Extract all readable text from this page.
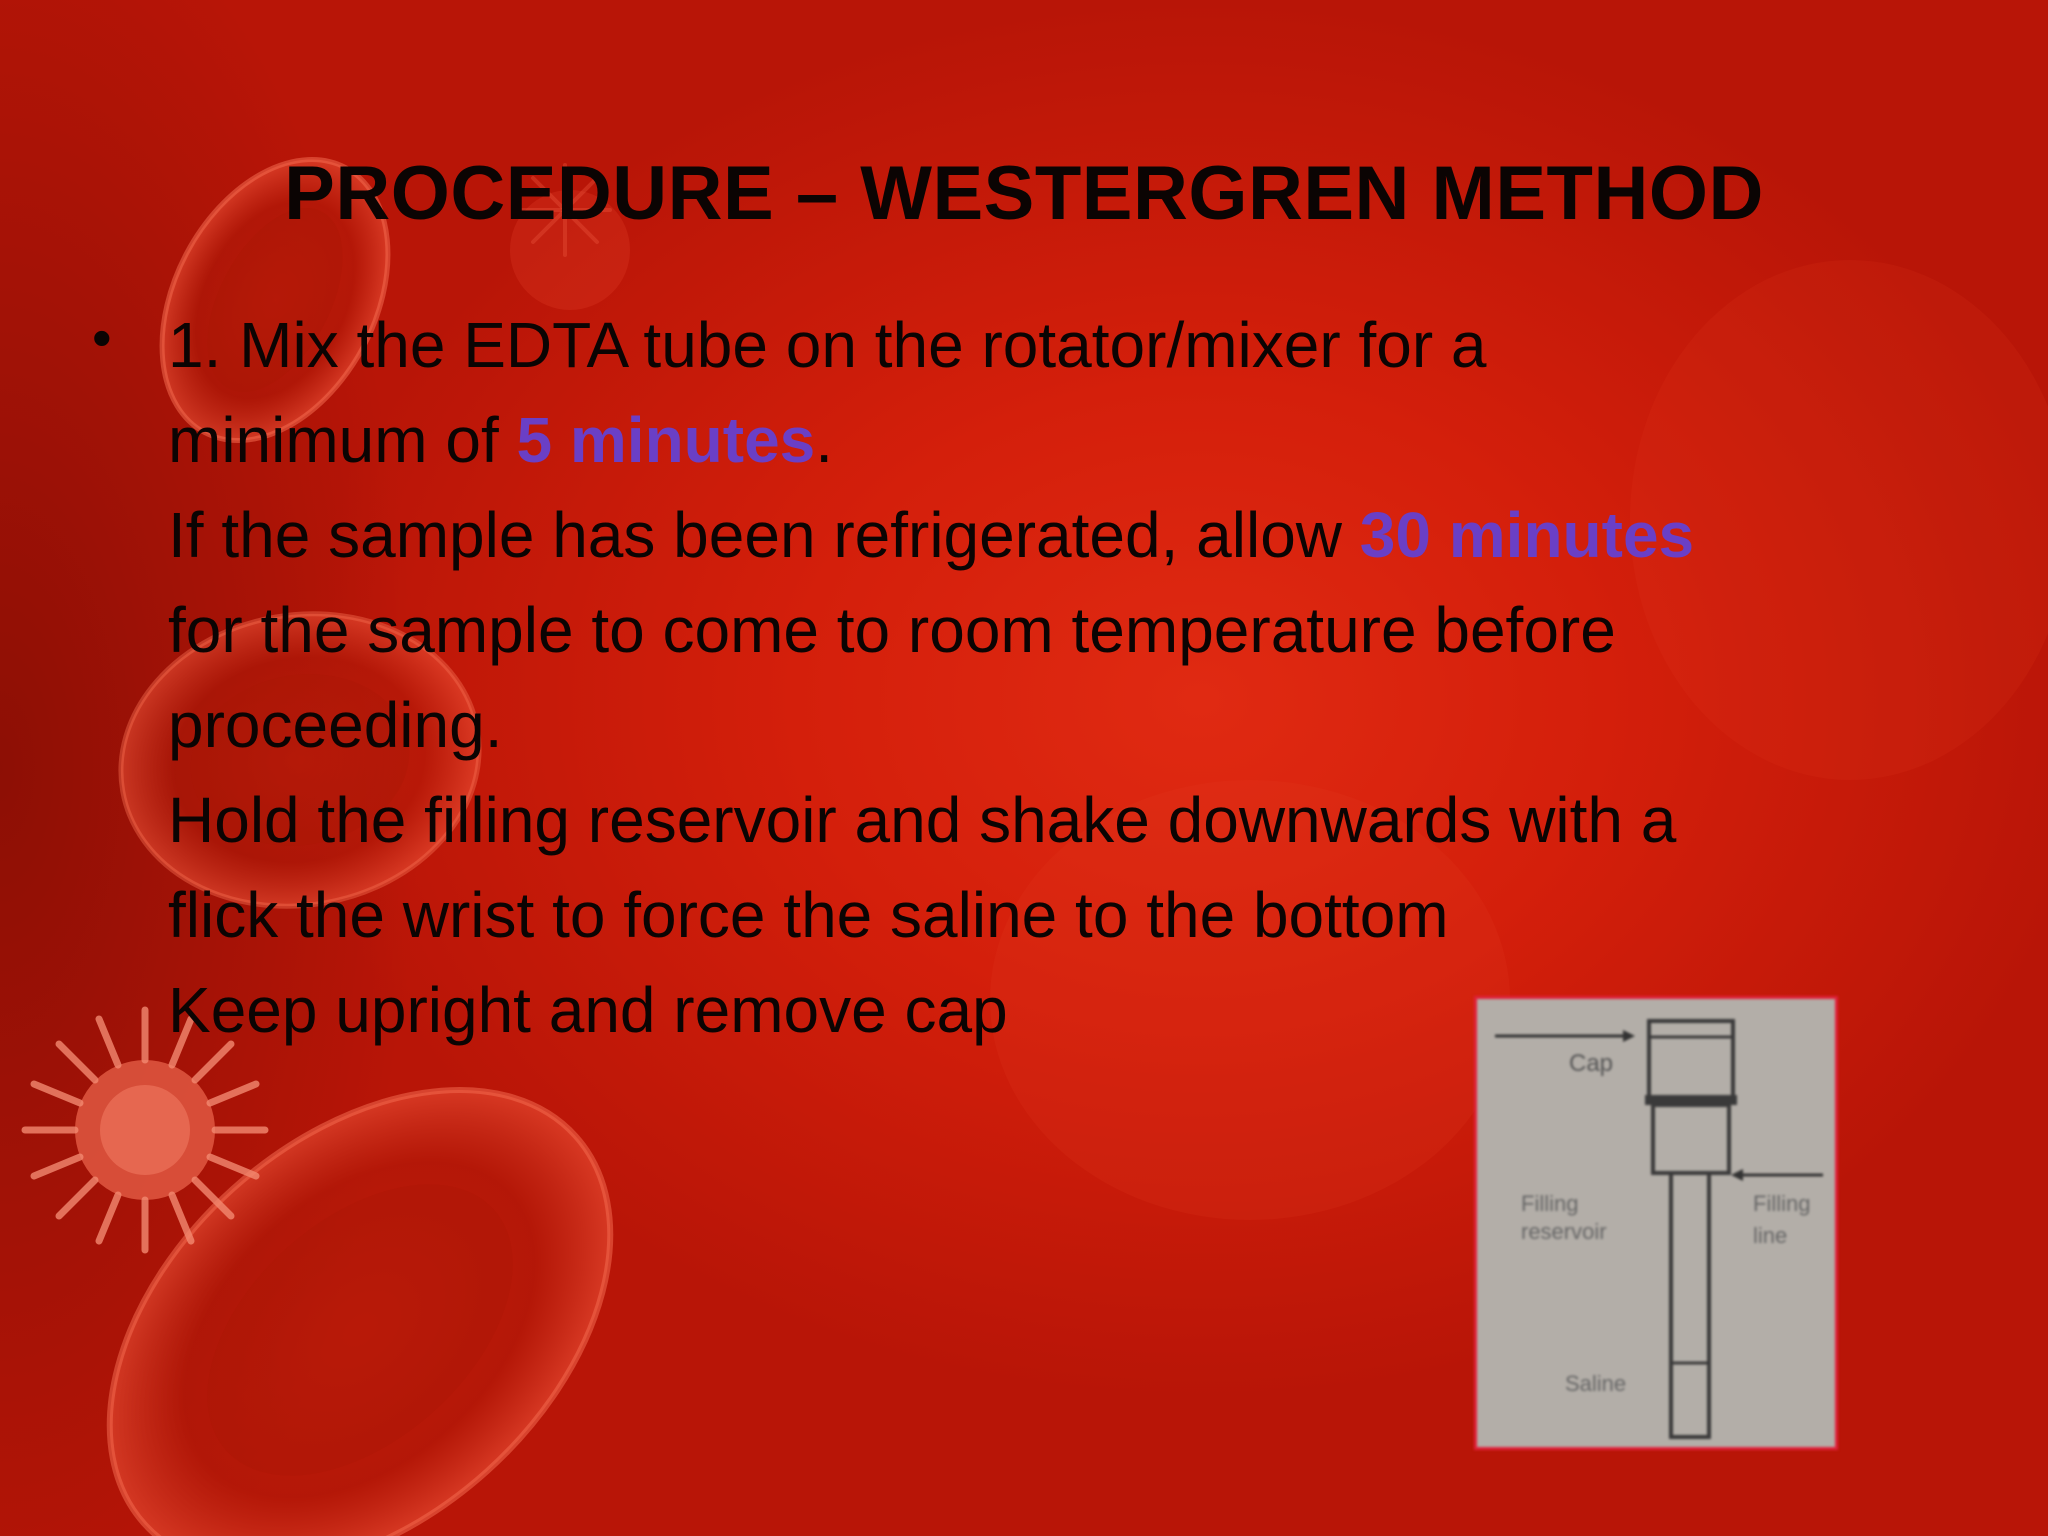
PROCEDURE – WESTERGREN METHOD
• 1. Mix the EDTA tube on the rotator/mixer for a
minimum of 5 minutes.
If the sample has been refrigerated, allow 30 minutes
for the sample to come to room temperature before
proceeding.
Hold the filling reservoir and shake downwards with a
flick the wrist to force the saline to the bottom
Keep upright and remove cap
Cap
Filling
reservoir
Filling
line
Saline
